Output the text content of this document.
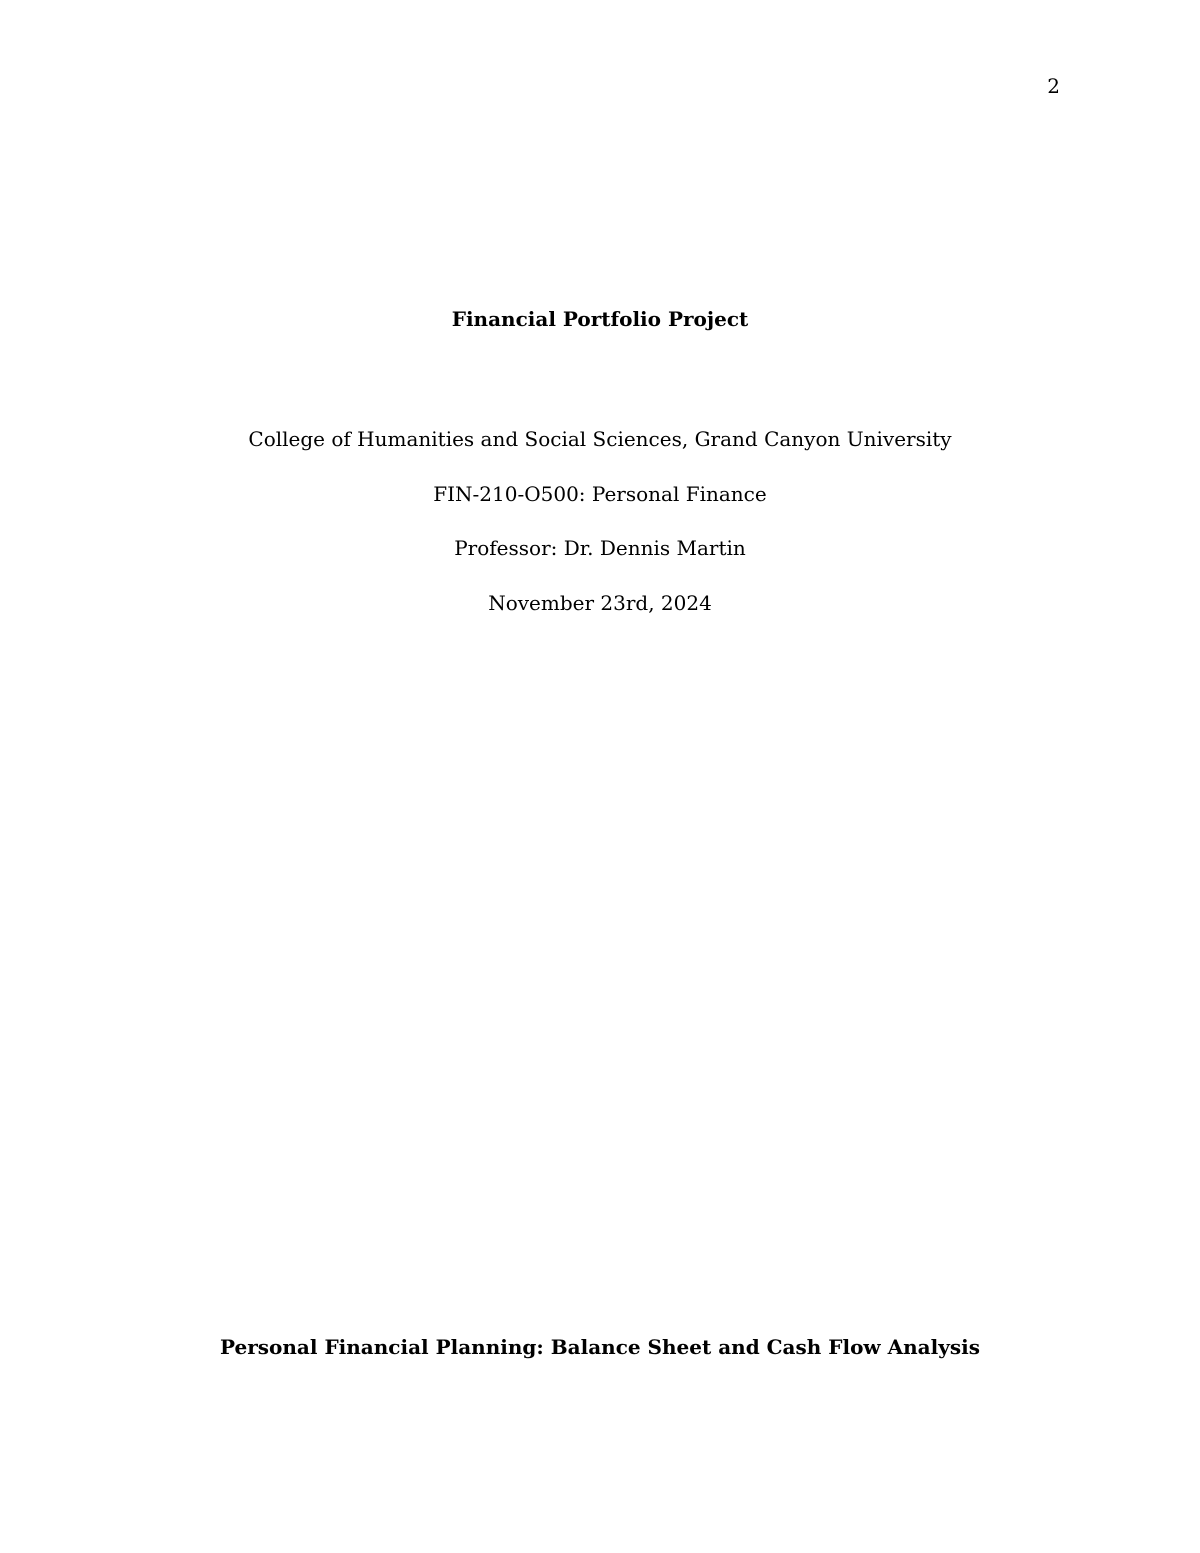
2
Financial Portfolio Project

College of Humanities and Social Sciences, Grand Canyon University

FIN-210-O500: Personal Finance

Professor: Dr. Dennis Martin

November 23rd, 2024

Personal Financial Planning: Balance Sheet and Cash Flow Analysis
